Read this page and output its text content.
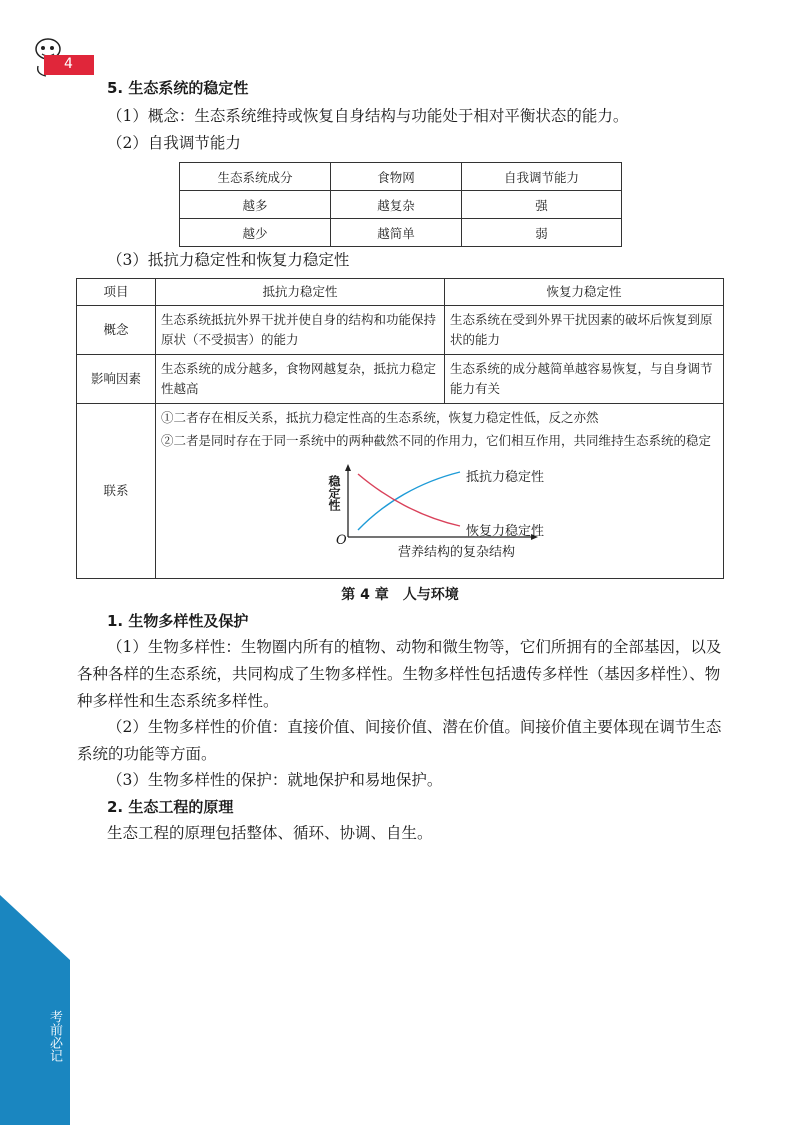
考前必记
4
5. 生态系统的稳定性
（1）概念：生态系统维持或恢复自身结构与功能处于相对平衡状态的能力。
（2）自我调节能力
生态系统成分	食物网	自我调节能力
越多	越复杂	强
越少	越简单	弱
（3）抵抗力稳定性和恢复力稳定性
项目	抵抗力稳定性	恢复力稳定性
概念	生态系统抵抗外界干扰并使自身的结构和功能保持原状（不受损害）的能力	生态系统在受到外界干扰因素的破坏后恢复到原状的能力
影响因素	生态系统的成分越多，食物网越复杂，抵抗力稳定性越高	生态系统的成分越简单越容易恢复，与自身调节能力有关
联系	①二者存在相反关系，抵抗力稳定性高的生态系统，恢复力稳定性低，反之亦然
②二者是同时存在于同一系统中的两种截然不同的作用力，它们相互作用，共同维持生态系统的稳定	
稳定性
O
营养结构的复杂结构
抵抗力稳定性
恢复力稳定性
第 4 章　人与环境
1. 生物多样性及保护
（1）生物多样性：生物圈内所有的植物、动物和微生物等，它们所拥有的全部基因，以及各种各样的生态系统，共同构成了生物多样性。生物多样性包括遗传多样性（基因多样性）、物种多样性和生态系统多样性。
（2）生物多样性的价值：直接价值、间接价值、潜在价值。间接价值主要体现在调节生态系统的功能等方面。
（3）生物多样性的保护：就地保护和易地保护。
2. 生态工程的原理
生态工程的原理包括整体、循环、协调、自生。
